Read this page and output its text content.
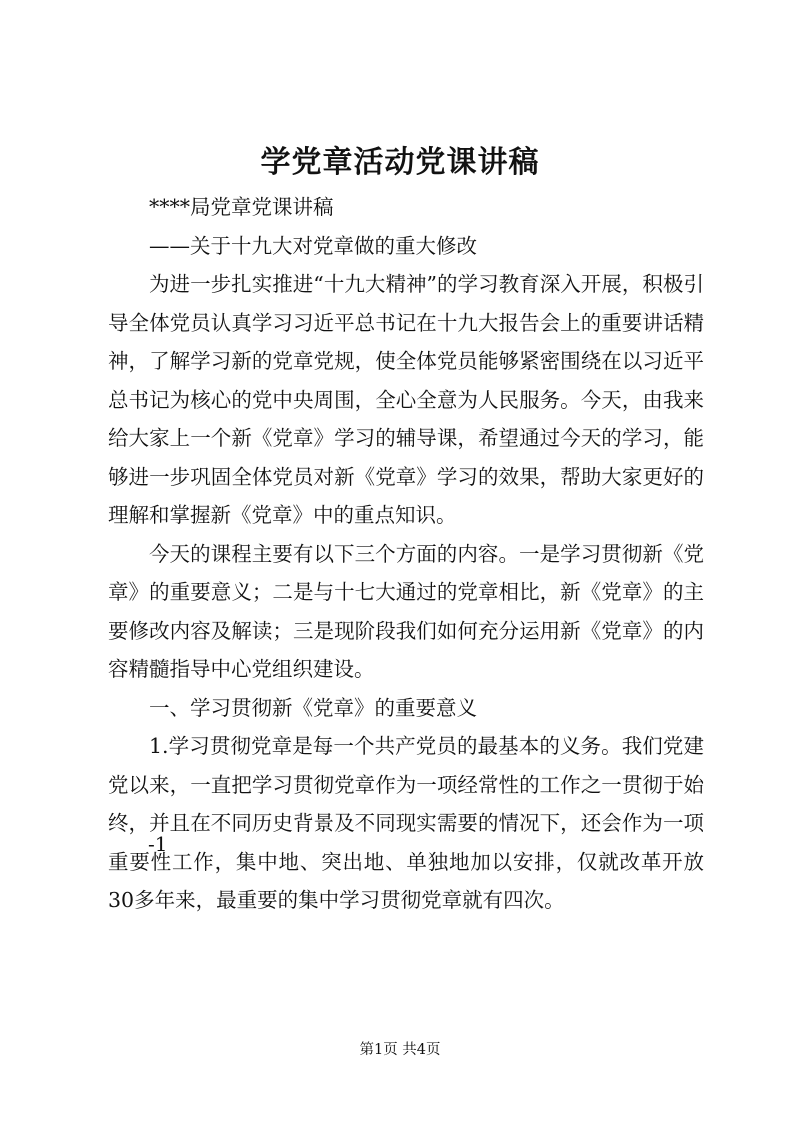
学党章活动党课讲稿

****局党章党课讲稿

——关于十九大对党章做的重大修改

为进一步扎实推进“十九大精神”的学习教育深入开展，积极引导全体党员认真学习习近平总书记在十九大报告会上的重要讲话精神，了解学习新的党章党规，使全体党员能够紧密围绕在以习近平总书记为核心的党中央周围，全心全意为人民服务。今天，由我来给大家上一个新《党章》学习的辅导课，希望通过今天的学习，能够进一步巩固全体党员对新《党章》学习的效果，帮助大家更好的理解和掌握新《党章》中的重点知识。

今天的课程主要有以下三个方面的内容。一是学习贯彻新《党章》的重要意义；二是与十七大通过的党章相比，新《党章》的主要修改内容及解读；三是现阶段我们如何充分运用新《党章》的内容精髓指导中心党组织建设。

一、学习贯彻新《党章》的重要意义

1.学习贯彻党章是每一个共产党员的最基本的义务。我们党建党以来，一直把学习贯彻党章作为一项经常性的工作之一贯彻于始终，并且在不同历史背景及不同现实需要的情况下，还会作为一项重要性工作，集中地、突出地、单独地加以安排，仅就改革开放30多年来，最重要的集中学习贯彻党章就有四次。

-1
第1页 共4页
